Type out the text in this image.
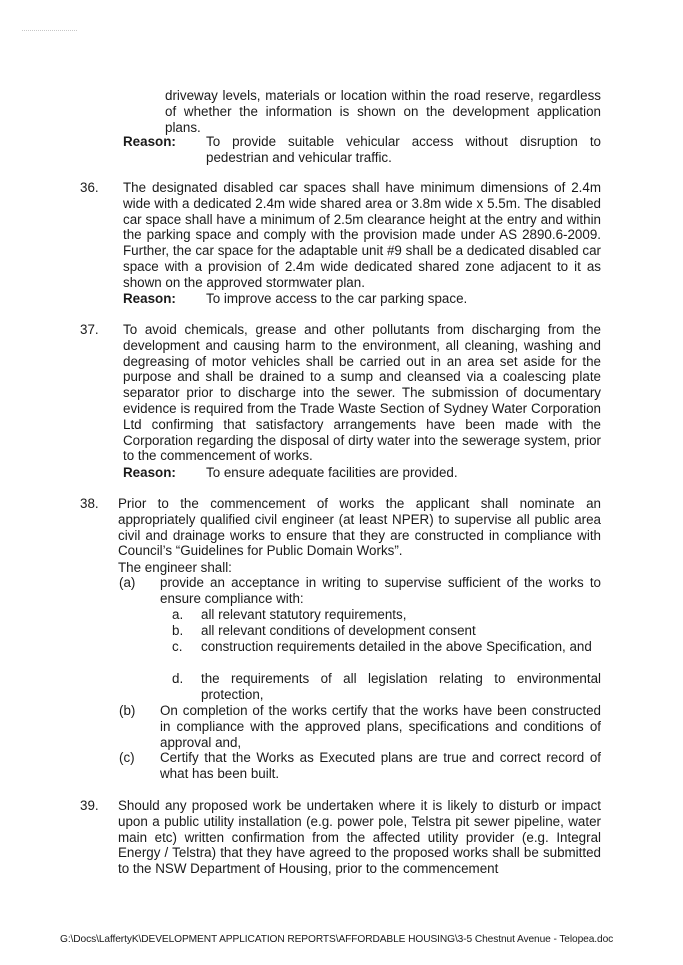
driveway levels, materials or location within the road reserve, regardless of whether the information is shown on the development application plans.

Reason: To provide suitable vehicular access without disruption to pedestrian and vehicular traffic.
36. The designated disabled car spaces shall have minimum dimensions of 2.4m wide with a dedicated 2.4m wide shared area or 3.8m wide x 5.5m. The disabled car space shall have a minimum of 2.5m clearance height at the entry and within the parking space and comply with the provision made under AS 2890.6-2009. Further, the car space for the adaptable unit #9 shall be a dedicated disabled car space with a provision of 2.4m wide dedicated shared zone adjacent to it as shown on the approved stormwater plan.

Reason: To improve access to the car parking space.
37. To avoid chemicals, grease and other pollutants from discharging from the development and causing harm to the environment, all cleaning, washing and degreasing of motor vehicles shall be carried out in an area set aside for the purpose and shall be drained to a sump and cleansed via a coalescing plate separator prior to discharge into the sewer. The submission of documentary evidence is required from the Trade Waste Section of Sydney Water Corporation Ltd confirming that satisfactory arrangements have been made with the Corporation regarding the disposal of dirty water into the sewerage system, prior to the commencement of works.

Reason: To ensure adequate facilities are provided.
38. Prior to the commencement of works the applicant shall nominate an appropriately qualified civil engineer (at least NPER) to supervise all public area civil and drainage works to ensure that they are constructed in compliance with Council’s “Guidelines for Public Domain Works”.

The engineer shall:

(a) provide an acceptance in writing to supervise sufficient of the works to ensure compliance with:

a. all relevant statutory requirements,

b. all relevant conditions of development consent

c. construction requirements detailed in the above Specification, and

d. the requirements of all legislation relating to environmental protection,

(b) On completion of the works certify that the works have been constructed in compliance with the approved plans, specifications and conditions of approval and,

(c) Certify that the Works as Executed plans are true and correct record of what has been built.

39. Should any proposed work be undertaken where it is likely to disturb or impact upon a public utility installation (e.g. power pole, Telstra pit sewer pipeline, water main etc) written confirmation from the affected utility provider (e.g. Integral Energy / Telstra) that they have agreed to the proposed works shall be submitted to the NSW Department of Housing, prior to the commencement

G:\Docs\LaffertyK\DEVELOPMENT APPLICATION REPORTS\AFFORDABLE HOUSING\3-5 Chestnut Avenue - Telopea.doc
